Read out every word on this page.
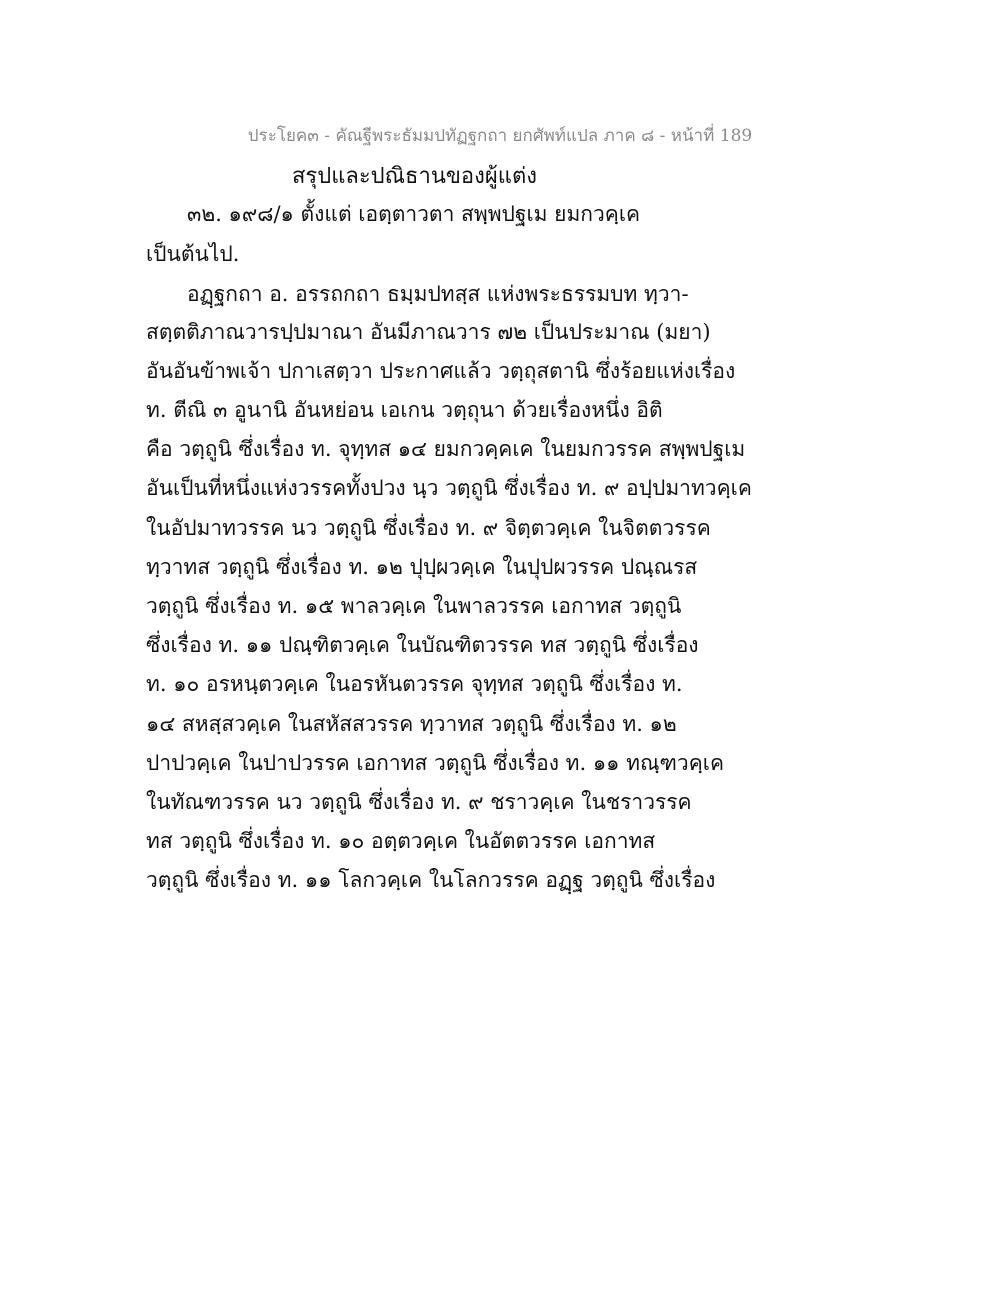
ประโยค๓ - คัณฐีพระธัมมปทัฏฐกถา ยกศัพท์แปล ภาค ๘ - หน้าที่ 189
สรุปและปณิธานของผู้แต่ง
๓๒. ๑๙๘/๑ ตั้งแต่ เอตฺตาวตา สพฺพปฐเม ยมกวคฺเค
เป็นต้นไป.
อฏฺฐกถา อ. อรรถกถา ธมฺมปทสฺส แห่งพระธรรมบท ทฺวา-
สตฺตติภาณวารปฺปมาณา อันมีภาณวาร ๗๒ เป็นประมาณ (มยา)
อันอันข้าพเจ้า ปกาเสตฺวา ประกาศแล้ว วตฺถุสตานิ ซึ่งร้อยแห่งเรื่อง
ท. ตีณิ ๓ อูนานิ อันหย่อน เอเกน วตฺถุนา ด้วยเรื่องหนึ่ง อิติ
คือ วตฺถูนิ ซึ่งเรื่อง ท. จุทฺทส ๑๔ ยมกวคฺคเค ในยมกวรรค สพฺพปฐเม
อันเป็นที่หนึ่งแห่งวรรคทั้งปวง นฺว วตฺถูนิ ซึ่งเรื่อง ท. ๙ อปฺปมาทวคฺเค
ในอัปมาทวรรค นว วตฺถูนิ ซึ่งเรื่อง ท. ๙ จิตฺตวคฺเค ในจิตตวรรค
ทฺวาทส วตฺถูนิ ซึ่งเรื่อง ท. ๑๒ ปุปฺผวคฺเค ในปุปผวรรค ปณฺณรส
วตฺถูนิ ซึ่งเรื่อง ท. ๑๕ พาลวคฺเค ในพาลวรรค เอกาทส วตฺถูนิ
ซึ่งเรื่อง ท. ๑๑ ปณฺฑิตวคฺเค ในบัณฑิตวรรค ทส วตฺถูนิ ซึ่งเรื่อง
ท. ๑๐ อรหนฺตวคฺเค ในอรหันตวรรค จุทฺทส วตฺถูนิ ซึ่งเรื่อง ท.
๑๔ สหสฺสวคฺเค ในสหัสสวรรค ทฺวาทส วตฺถูนิ ซึ่งเรื่อง ท. ๑๒
ปาปวคฺเค ในปาปวรรค เอกาทส วตฺถูนิ ซึ่งเรื่อง ท. ๑๑ ทณฺฑวคฺเค
ในทัณฑวรรค นว วตฺถูนิ ซึ่งเรื่อง ท. ๙ ชราวคฺเค ในชราวรรค
ทส วตฺถูนิ ซึ่งเรื่อง ท. ๑๐ อตฺตวคฺเค ในอัตตวรรค เอกาทส
วตฺถูนิ ซึ่งเรื่อง ท. ๑๑ โลกวคฺเค ในโลกวรรค อฏฺฐ วตฺถูนิ ซึ่งเรื่อง
